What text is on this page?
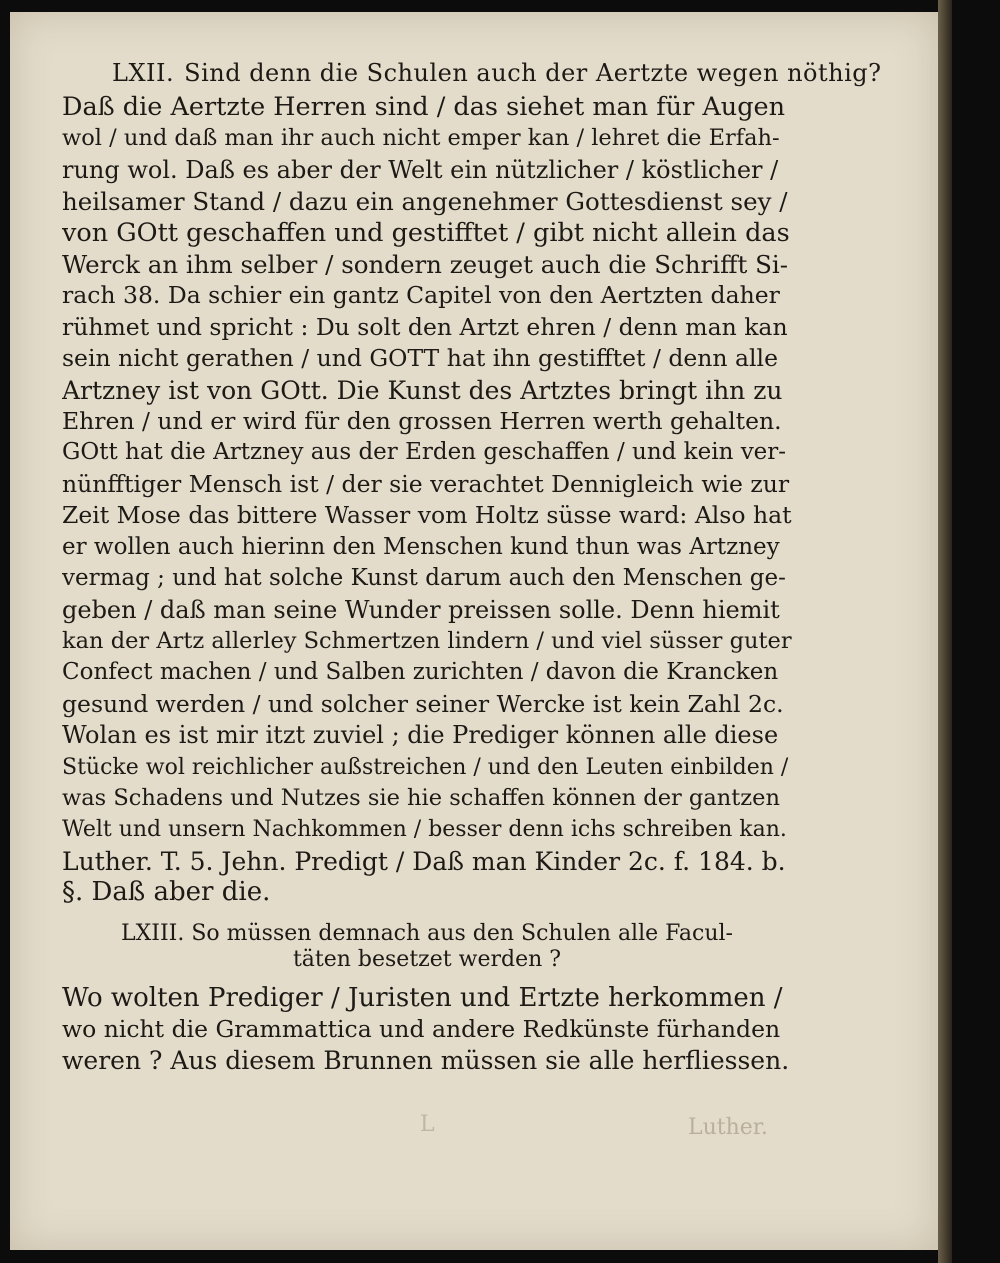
LXII. Sind denn die Schulen auch der Aertzte wegen nöthig?
Daß die Aertzte Herren sind / das siehet man für Augen
wol / und daß man ihr auch nicht emper kan / lehret die Erfah-
rung wol. Daß es aber der Welt ein nützlicher / köstlicher /
heilsamer Stand / dazu ein angenehmer Gottesdienst sey /
von GOtt geschaffen und gestifftet / gibt nicht allein das
Werck an ihm selber / sondern zeuget auch die Schrifft Si-
rach 38. Da schier ein gantz Capitel von den Aertzten daher
rühmet und spricht : Du solt den Artzt ehren / denn man kan
sein nicht gerathen / und GOTT hat ihn gestifftet / denn alle
Artzney ist von GOtt. Die Kunst des Artztes bringt ihn zu
Ehren / und er wird für den grossen Herren werth gehalten.
GOtt hat die Artzney aus der Erden geschaffen / und kein ver-
nünfftiger Mensch ist / der sie verachtet Dennigleich wie zur
Zeit Mose das bittere Wasser vom Holtz süsse ward: Also hat
er wollen auch hierinn den Menschen kund thun was Artzney
vermag ; und hat solche Kunst darum auch den Menschen ge-
geben / daß man seine Wunder preissen solle. Denn hiemit
kan der Artz allerley Schmertzen lindern / und viel süsser guter
Confect machen / und Salben zurichten / davon die Krancken
gesund werden / und solcher seiner Wercke ist kein Zahl 2c.
Wolan es ist mir itzt zuviel ; die Prediger können alle diese
Stücke wol reichlicher außstreichen / und den Leuten einbilden /
was Schadens und Nutzes sie hie schaffen können der gantzen
Welt und unsern Nachkommen / besser denn ichs schreiben kan.
Luther. T. 5. Jehn. Predigt / Daß man Kinder 2c. f. 184. b.
§. Daß aber die.
LXIII. So müssen demnach aus den Schulen alle Facul-
täten besetzet werden ?
Wo wolten Prediger / Juristen und Ertzte herkommen /
wo nicht die Grammattica und andere Redkünste fürhanden
weren ? Aus diesem Brunnen müssen sie alle herfliessen.
L	Luther.
